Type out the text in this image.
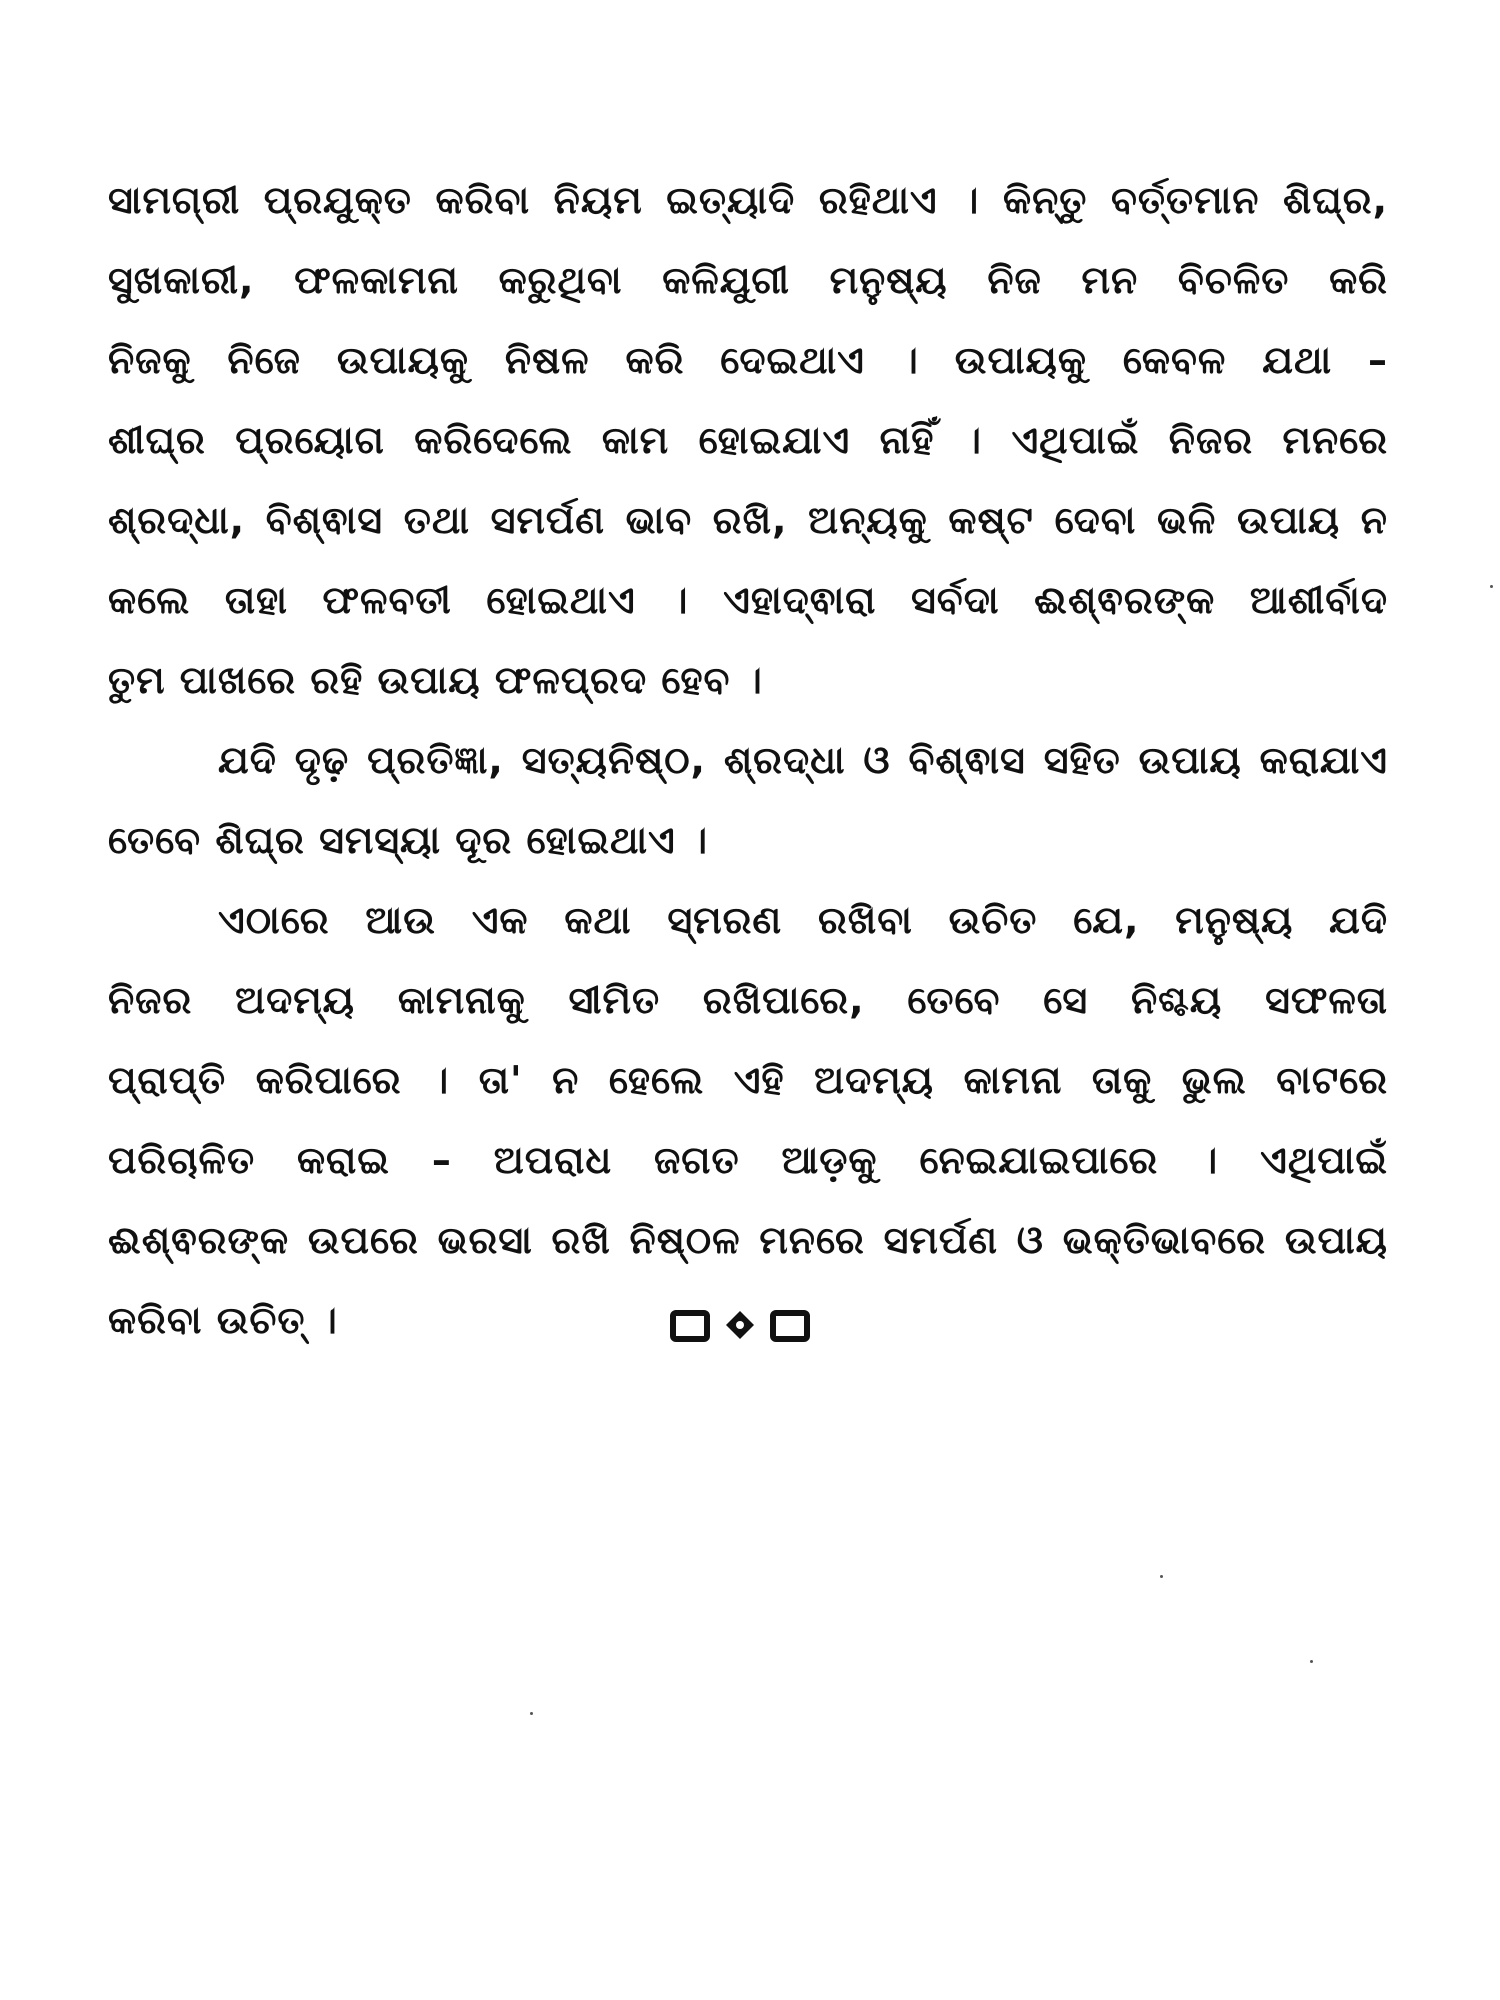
ସାମଗ୍ରୀ ପ୍ରଯୁକ୍ତ କରିବା ନିୟମ ଇତ୍ୟାଦି ରହିଥାଏ । କିନ୍ତୁ ବର୍ତ୍ତମାନ ଶିଘ୍ର,
ସୁଖକାରୀ, ଫଳକାମନା କରୁଥିବା କଳିଯୁଗୀ ମନୁଷ୍ୟ ନିଜ ମନ ବିଚଳିତ କରି
ନିଜକୁ ନିଜେ ଉପାୟକୁ ନିଷଳ କରି ଦେଇଥାଏ । ଉପାୟକୁ କେବଳ ଯଥା –
ଶୀଘ୍ର ପ୍ରୟୋଗ କରିଦେଲେ କାମ ହୋଇଯାଏ ନାହିଁ । ଏଥିପାଇଁ ନିଜର ମନରେ
ଶ୍ରଦ୍ଧା, ବିଶ୍ଵାସ ତଥା ସମର୍ପଣ ଭାବ ରଖି, ଅନ୍ୟକୁ କଷ୍ଟ ଦେବା ଭଳି ଉପାୟ ନ
କଲେ ତାହା ଫଳବତୀ ହୋଇଥାଏ । ଏହାଦ୍ଵାରା ସର୍ବଦା ଈଶ୍ଵରଙ୍କ ଆଶୀର୍ବାଦ
ତୁମ ପାଖରେ ରହି ଉପାୟ ଫଳପ୍ରଦ ହେବ ।
ଯଦି ଦୃଢ଼ ପ୍ରତିଜ୍ଞା, ସତ୍ୟନିଷ୍ଠ, ଶ୍ରଦ୍ଧା ଓ ବିଶ୍ଵାସ ସହିତ ଉପାୟ କରାଯାଏ
ତେବେ ଶିଘ୍ର ସମସ୍ୟା ଦୂର ହୋଇଥାଏ ।
ଏଠାରେ ଆଉ ଏକ କଥା ସ୍ମରଣ ରଖିବା ଉଚିତ ଯେ, ମନୁଷ୍ୟ ଯଦି
ନିଜର ଅଦମ୍ୟ କାମନାକୁ ସୀମିତ ରଖିପାରେ, ତେବେ ସେ ନିଶ୍ଚୟ ସଫଳତା
ପ୍ରାପ୍ତି କରିପାରେ । ତା' ନ ହେଲେ ଏହି ଅଦମ୍ୟ କାମନା ତାକୁ ଭୁଲ ବାଟରେ
ପରିଚାଳିତ କରାଇ – ଅପରାଧ ଜଗତ ଆଡ଼କୁ ନେଇଯାଇପାରେ । ଏଥିପାଇଁ
ଈଶ୍ଵରଙ୍କ ଉପରେ ଭରସା ରଖି ନିଷ୍ଠଳ ମନରେ ସମର୍ପଣ ଓ ଭକ୍ତିଭାବରେ ଉପାୟ
କରିବା ଉଚିତ୍ ।
